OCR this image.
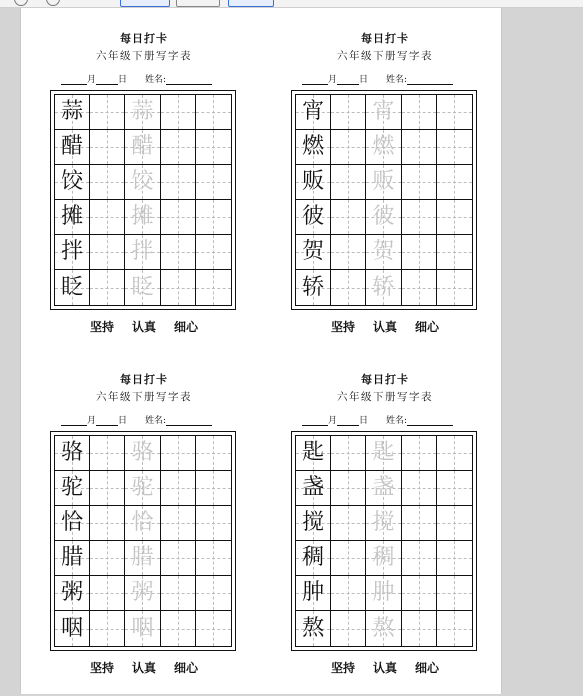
每日打卡
六年级下册写字表
月 日 姓名:
蒜 蒜
醋 醋
饺 饺
摊 摊
拌 拌
眨 眨
坚持 认真 细心
每日打卡
六年级下册写字表
月 日 姓名:
宵 宵
燃 燃
贩 贩
彼 彼
贺 贺
轿 轿
坚持 认真 细心
每日打卡
六年级下册写字表
月 日 姓名:
骆 骆
驼 驼
恰 恰
腊 腊
粥 粥
咽 咽
坚持 认真 细心
每日打卡
六年级下册写字表
月 日 姓名:
匙 匙
盏 盏
搅 搅
稠 稠
肿 肿
熬 熬
坚持 认真 细心
